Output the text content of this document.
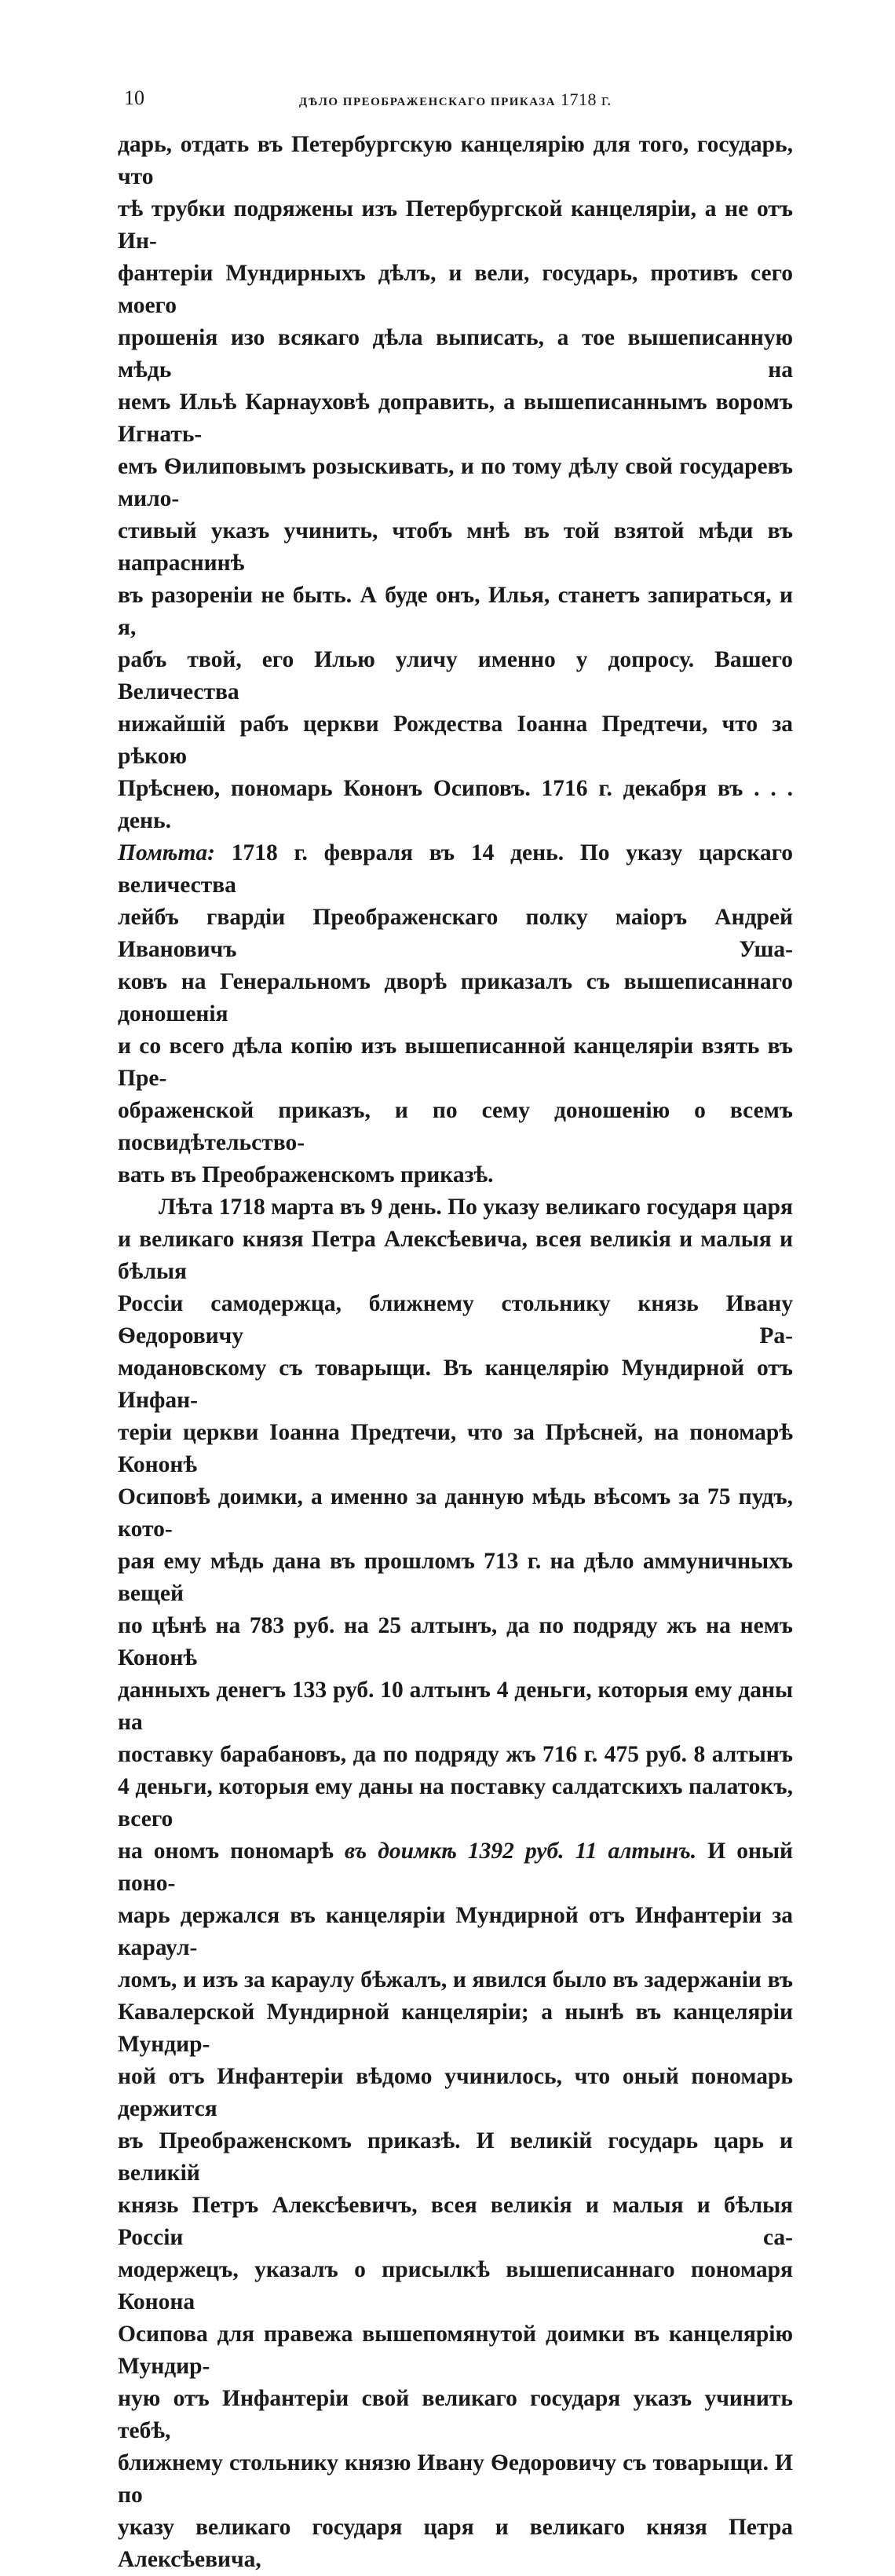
10	ДѢЛО ПРЕОБРАЖЕНСКАГО ПРИКАЗА 1718 г.

дарь, отдать въ Петербургскую канцелярію для того, государь, что

тѣ трубки подряжены изъ Петербургской канцеляріи, а не отъ Ин-

фантеріи Мундирныхъ дѣлъ, и вели, государь, противъ сего моего

прошенія изо всякаго дѣла выписать, а тое вышеписанную мѣдь на

немъ Ильѣ Карнауховѣ доправить, а вышеписаннымъ воромъ Игнать-

емъ Ѳилиповымъ розыскивать, и по тому дѣлу свой государевъ мило-

стивый указъ учинить, чтобъ мнѣ въ той взятой мѣди въ напраснинѣ

въ разореніи не быть. А буде онъ, Илья, станетъ запираться, и я,

рабъ твой, его Илью уличу именно у допросу. Вашего Величества

нижайшій рабъ церкви Рождества Іоанна Предтечи, что за рѣкою

Прѣснею, пономарь Кононъ Осиповъ. 1716 г. декабря въ . . . день.

Помѣта: 1718 г. февраля въ 14 день. По указу царскаго величества

лейбъ гвардіи Преображенскаго полку маіоръ Андрей Ивановичъ Уша-

ковъ на Генеральномъ дворѣ приказалъ съ вышеписаннаго доношенія

и со всего дѣла копію изъ вышеписанной канцеляріи взять въ Пре-

ображенской приказъ, и по сему доношенію о всемъ посвидѣтельство-

вать въ Преображенскомъ приказѣ.

Лѣта 1718 марта въ 9 день. По указу великаго государя царя

и великаго князя Петра Алексѣевича, всея великія и малыя и бѣлыя

Россіи самодержца, ближнему стольнику князь Ивану Ѳедоровичу Ра-

модановскому съ товарыщи. Въ канцелярію Мундирной отъ Инфан-

теріи церкви Іоанна Предтечи, что за Прѣсней, на пономарѣ Кононѣ

Осиповѣ доимки, а именно за данную мѣдь вѣсомъ за 75 пудъ, кото-

рая ему мѣдь дана въ прошломъ 713 г. на дѣло аммуничныхъ вещей

по цѣнѣ на 783 руб. на 25 алтынъ, да по подряду жъ на немъ Кононѣ

данныхъ денегъ 133 руб. 10 алтынъ 4 деньги, которыя ему даны на

поставку барабановъ, да по подряду жъ 716 г. 475 руб. 8 алтынъ

4 деньги, которыя ему даны на поставку салдатскихъ палатокъ, всего

на ономъ пономарѣ въ доимкѣ 1392 руб. 11 алтынъ. И оный поно-

марь держался въ канцеляріи Мундирной отъ Инфантеріи за караул-

ломъ, и изъ за караулу бѣжалъ, и явился было въ задержаніи въ

Кавалерской Мундирной канцеляріи; а нынѣ въ канцеляріи Мундир-

ной отъ Инфантеріи вѣдомо учинилось, что оный пономарь держится

въ Преображенскомъ приказѣ. И великій государь царь и великій

князь Петръ Алексѣевичъ, всея великія и малыя и бѣлыя Россіи са-

модержецъ, указалъ о присылкѣ вышеписаннаго пономаря Конона

Осипова для правежа вышепомянутой доимки въ канцелярію Мундир-

ную отъ Инфантеріи свой великаго государя указъ учинить тебѣ,

ближнему стольнику князю Ивану Ѳедоровичу съ товарыщи. И по

указу великаго государя царя и великаго князя Петра Алексѣевича,
